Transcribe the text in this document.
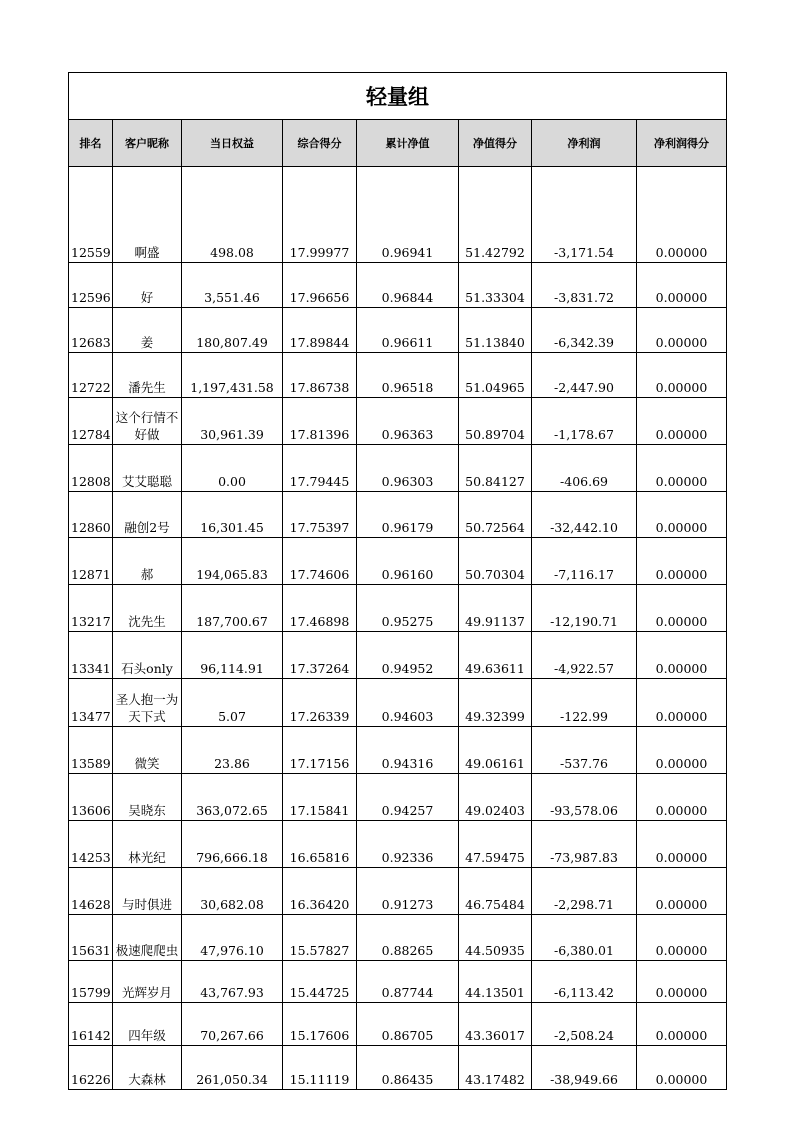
轻量组							
排名	客户昵称	当日权益	综合得分	累计净值	净值得分	净利润	净利润得分
12559	啊盛	498.08	17.99977	0.96941	51.42792	-3,171.54	0.00000
12596	好	3,551.46	17.96656	0.96844	51.33304	-3,831.72	0.00000
12683	姜	180,807.49	17.89844	0.96611	51.13840	-6,342.39	0.00000
12722	潘先生	1,197,431.58	17.86738	0.96518	51.04965	-2,447.90	0.00000
12784	这个行情不好做	30,961.39	17.81396	0.96363	50.89704	-1,178.67	0.00000
12808	艾艾聪聪	0.00	17.79445	0.96303	50.84127	-406.69	0.00000
12860	融创2号	16,301.45	17.75397	0.96179	50.72564	-32,442.10	0.00000
12871	郝	194,065.83	17.74606	0.96160	50.70304	-7,116.17	0.00000
13217	沈先生	187,700.67	17.46898	0.95275	49.91137	-12,190.71	0.00000
13341	石头only	96,114.91	17.37264	0.94952	49.63611	-4,922.57	0.00000
13477	圣人抱一为天下式	5.07	17.26339	0.94603	49.32399	-122.99	0.00000
13589	微笑	23.86	17.17156	0.94316	49.06161	-537.76	0.00000
13606	吴晓东	363,072.65	17.15841	0.94257	49.02403	-93,578.06	0.00000
14253	林光纪	796,666.18	16.65816	0.92336	47.59475	-73,987.83	0.00000
14628	与时俱进	30,682.08	16.36420	0.91273	46.75484	-2,298.71	0.00000
15631	极速爬爬虫	47,976.10	15.57827	0.88265	44.50935	-6,380.01	0.00000
15799	光辉岁月	43,767.93	15.44725	0.87744	44.13501	-6,113.42	0.00000
16142	四年级	70,267.66	15.17606	0.86705	43.36017	-2,508.24	0.00000
16226	大森林	261,050.34	15.11119	0.86435	43.17482	-38,949.66	0.00000
